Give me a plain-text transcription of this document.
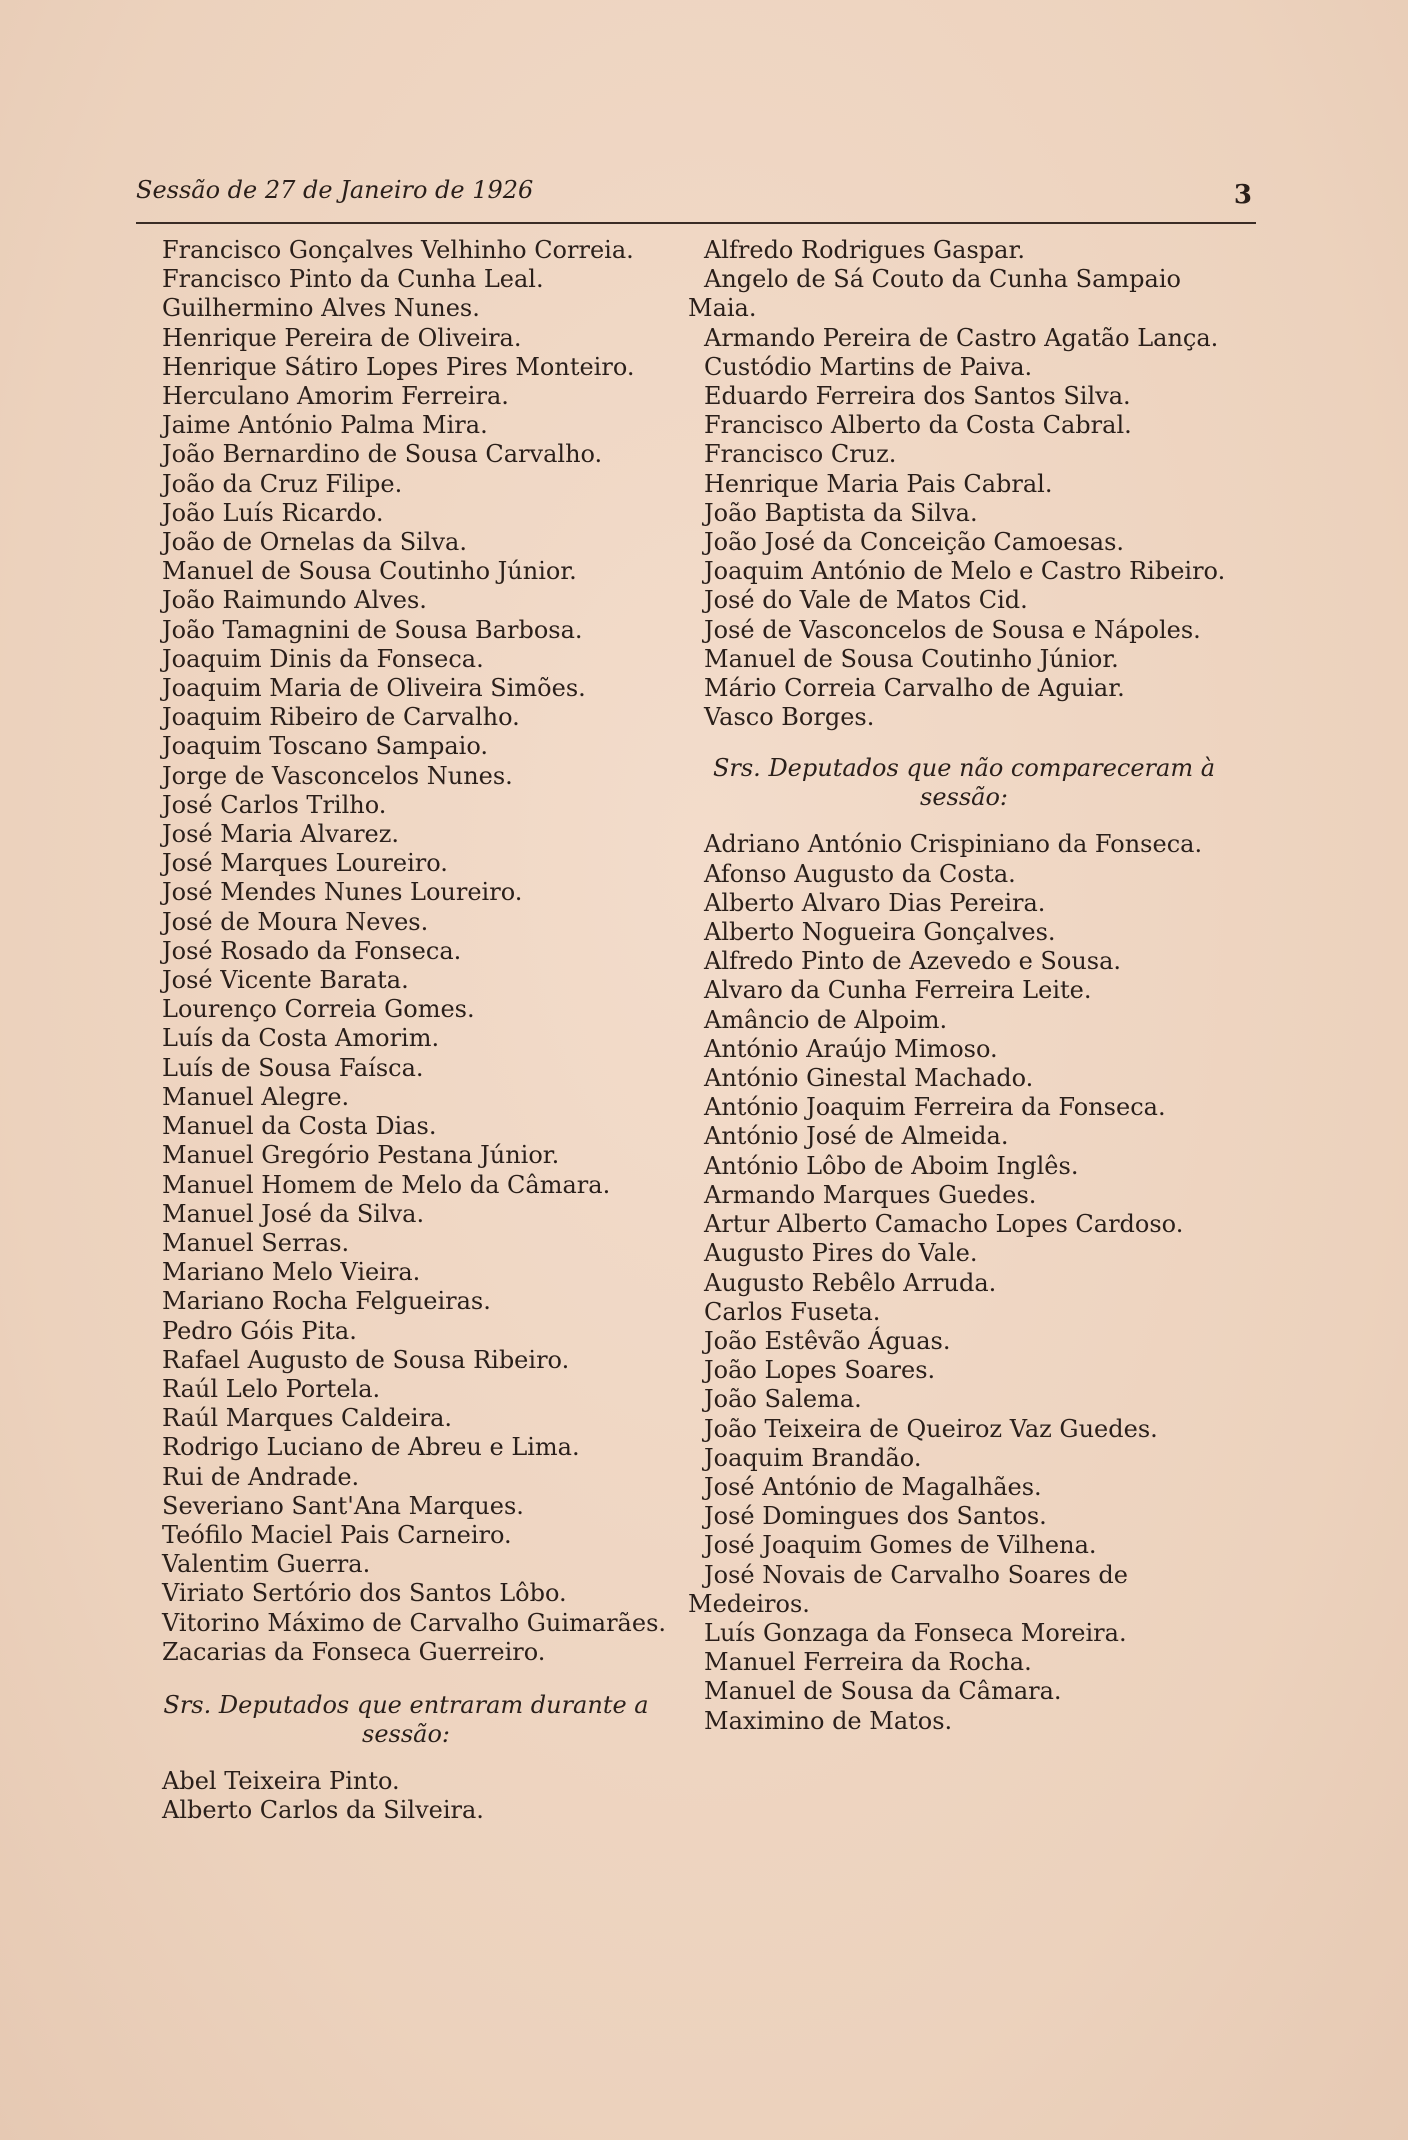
Sessão de 27 de Janeiro de 1926	3

Francisco Gonçalves Velhinho Correia.

Francisco Pinto da Cunha Leal.

Guilhermino Alves Nunes.

Henrique Pereira de Oliveira.

Henrique Sátiro Lopes Pires Monteiro.

Herculano Amorim Ferreira.

Jaime António Palma Mira.

João Bernardino de Sousa Carvalho.

João da Cruz Filipe.

João Luís Ricardo.

João de Ornelas da Silva.

Manuel de Sousa Coutinho Júnior.

João Raimundo Alves.

João Tamagnini de Sousa Barbosa.

Joaquim Dinis da Fonseca.

Joaquim Maria de Oliveira Simões.

Joaquim Ribeiro de Carvalho.

Joaquim Toscano Sampaio.

Jorge de Vasconcelos Nunes.

José Carlos Trilho.

José Maria Alvarez.

José Marques Loureiro.

José Mendes Nunes Loureiro.

José de Moura Neves.

José Rosado da Fonseca.

José Vicente Barata.

Lourenço Correia Gomes.

Luís da Costa Amorim.

Luís de Sousa Faísca.

Manuel Alegre.

Manuel da Costa Dias.

Manuel Gregório Pestana Júnior.

Manuel Homem de Melo da Câmara.

Manuel José da Silva.

Manuel Serras.

Mariano Melo Vieira.

Mariano Rocha Felgueiras.

Pedro Góis Pita.

Rafael Augusto de Sousa Ribeiro.

Raúl Lelo Portela.

Raúl Marques Caldeira.

Rodrigo Luciano de Abreu e Lima.

Rui de Andrade.

Severiano Sant'Ana Marques.

Teófilo Maciel Pais Carneiro.

Valentim Guerra.

Viriato Sertório dos Santos Lôbo.

Vitorino Máximo de Carvalho Guimarães.

Zacarias da Fonseca Guerreiro.

Srs. Deputados que entraram durante a sessão:

Abel Teixeira Pinto.

Alberto Carlos da Silveira.

Alfredo Rodrigues Gaspar.

Angelo de Sá Couto da Cunha Sampaio Maia.

Armando Pereira de Castro Agatão Lança.

Custódio Martins de Paiva.

Eduardo Ferreira dos Santos Silva.

Francisco Alberto da Costa Cabral.

Francisco Cruz.

Henrique Maria Pais Cabral.

João Baptista da Silva.

João José da Conceição Camoesas.

Joaquim António de Melo e Castro Ribeiro.

José do Vale de Matos Cid.

José de Vasconcelos de Sousa e Nápoles.

Manuel de Sousa Coutinho Júnior.

Mário Correia Carvalho de Aguiar.

Vasco Borges.

Srs. Deputados que não compareceram à sessão:

Adriano António Crispiniano da Fonseca.

Afonso Augusto da Costa.

Alberto Alvaro Dias Pereira.

Alberto Nogueira Gonçalves.

Alfredo Pinto de Azevedo e Sousa.

Alvaro da Cunha Ferreira Leite.

Amâncio de Alpoim.

António Araújo Mimoso.

António Ginestal Machado.

António Joaquim Ferreira da Fonseca.

António José de Almeida.

António Lôbo de Aboim Inglês.

Armando Marques Guedes.

Artur Alberto Camacho Lopes Cardoso.

Augusto Pires do Vale.

Augusto Rebêlo Arruda.

Carlos Fuseta.

João Estêvão Águas.

João Lopes Soares.

João Salema.

João Teixeira de Queiroz Vaz Guedes.

Joaquim Brandão.

José António de Magalhães.

José Domingues dos Santos.

José Joaquim Gomes de Vilhena.

José Novais de Carvalho Soares de Medeiros.

Luís Gonzaga da Fonseca Moreira.

Manuel Ferreira da Rocha.

Manuel de Sousa da Câmara.

Maximino de Matos.
